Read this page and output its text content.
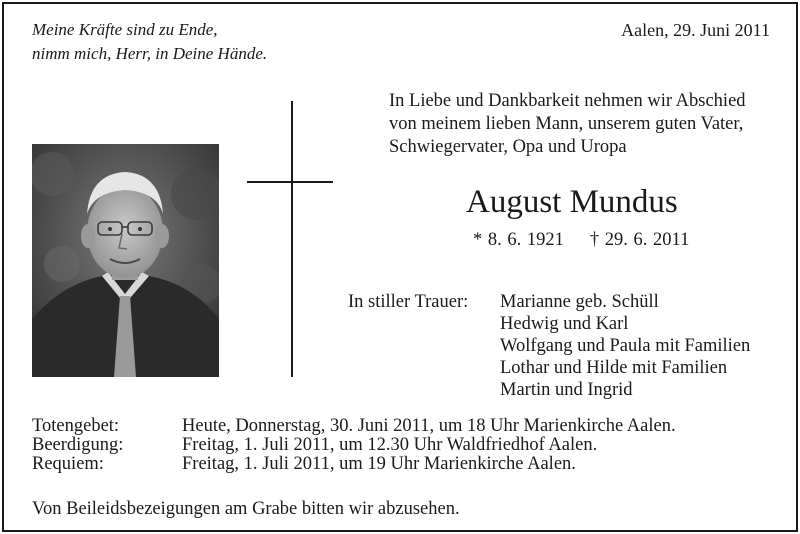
Meine Kräfte sind zu Ende,
nimm mich, Herr, in Deine Hände.
Aalen, 29. Juni 2011
In Liebe und Dankbarkeit nehmen wir Abschied
von meinem lieben Mann, unserem guten Vater,
Schwiegervater, Opa und Uropa
August Mundus
* 8. 6. 1921 † 29. 6. 2011
In stiller Trauer: Marianne geb. Schüll
Hedwig und Karl
Wolfgang und Paula mit Familien
Lothar und Hilde mit Familien
Martin und Ingrid
Totengebet:	Heute, Donnerstag, 30. Juni 2011, um 18 Uhr Marienkirche Aalen.
Beerdigung:	Freitag, 1. Juli 2011, um 12.30 Uhr Waldfriedhof Aalen.
Requiem:	Freitag, 1. Juli 2011, um 19 Uhr Marienkirche Aalen.
Von Beileidsbezeigungen am Grabe bitten wir abzusehen.
